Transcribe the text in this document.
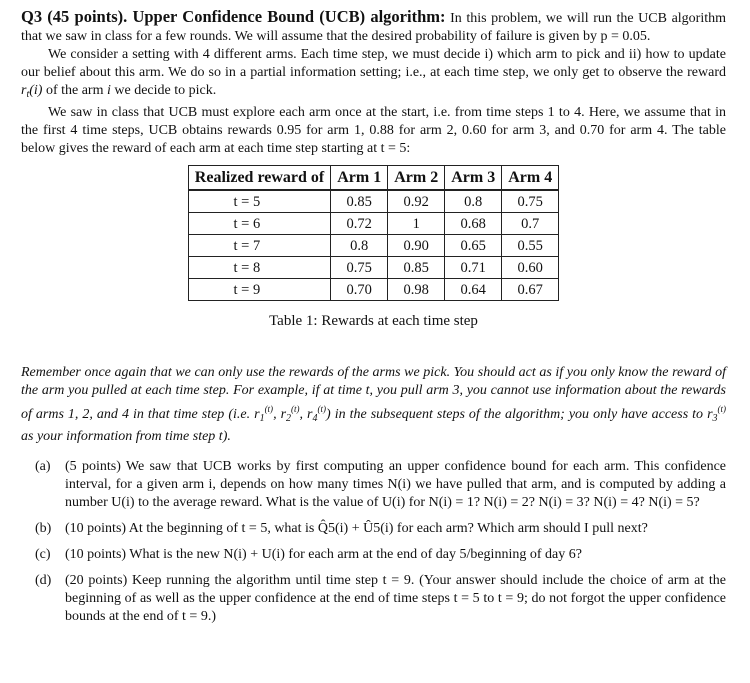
Q3 (45 points). Upper Confidence Bound (UCB) algorithm: In this problem, we will run the UCB algorithm that we saw in class for a few rounds. We will assume that the desired probability of failure is given by p = 0.05.

We consider a setting with 4 different arms. Each time step, we must decide i) which arm to pick and ii) how to update our belief about this arm. We do so in a partial information setting; i.e., at each time step, we only get to observe the reward $r_t(i)$ of the arm i we decide to pick.

We saw in class that UCB must explore each arm once at the start, i.e. from time steps 1 to 4. Here, we assume that in the first 4 time steps, UCB obtains rewards 0.95 for arm 1, 0.88 for arm 2, 0.60 for arm 3, and 0.70 for arm 4. The table below gives the reward of each arm at each time step starting at t = 5:

Realized reward of	Arm 1	Arm 2	Arm 3	Arm 4
t = 5	0.85	0.92	0.8	0.75
t = 6	0.72	1	0.68	0.7
t = 7	0.8	0.90	0.65	0.55
t = 8	0.75	0.85	0.71	0.60
t = 9	0.70	0.98	0.64	0.67
Table 1: Rewards at each time step

Remember once again that we can only use the rewards of the arms we pick. You should act as if you only know the reward of the arm you pulled at each time step. For example, if at time t, you pull arm 3, you cannot use information about the rewards of arms 1, 2, and 4 in that time step (i.e. $r_1^{(t)}$, $r_2^{(t)}$, $r_4^{(t)}$) in the subsequent steps of the algorithm; you only have access to $r_3^{(t)}$ as your information from time step t).

(a)	(5 points) We saw that UCB works by first computing an upper confidence bound for each arm. This confidence interval, for a given arm i, depends on how many times N(i) we have pulled that arm, and is computed by adding a number U(i) to the average reward. What is the value of U(i) for N(i) = 1? N(i) = 2? N(i) = 3? N(i) = 4? N(i) = 5?
(b) (10 points) At the beginning of t = 5, what is Q̂5(i) + Û5(i) for each arm? Which arm should I pull next?
(c)	(10 points) What is the new N(i) + U(i) for each arm at the end of day 5/beginning of day 6?
(d) (20 points) Keep running the algorithm until time step t = 9. (Your answer should include the choice of arm at the beginning of as well as the upper confidence at the end of time steps t = 5 to t = 9; do not forgot the upper confidence bounds at the end of t = 9.)
